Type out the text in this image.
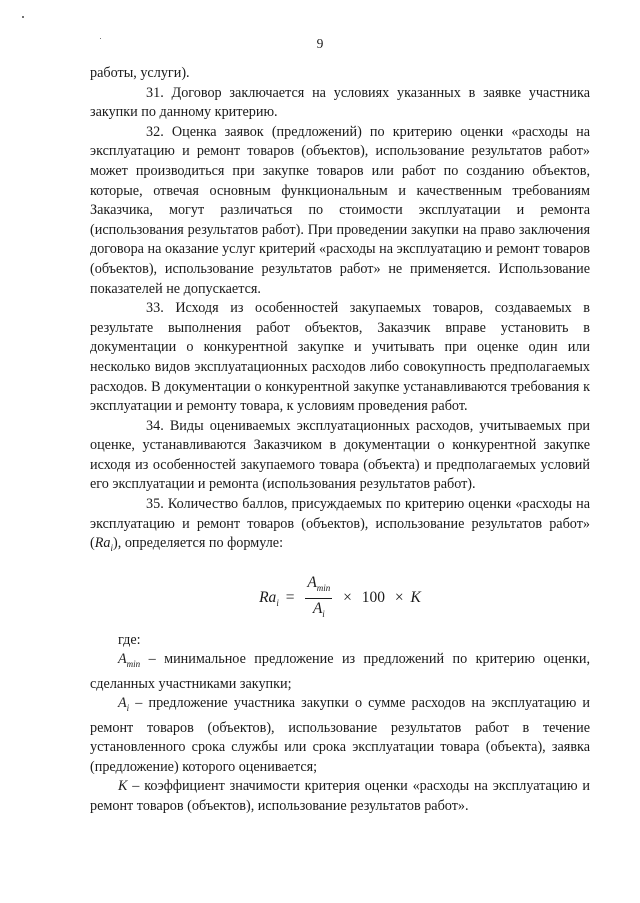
9

работы, услуги).

31. Договор заключается на условиях указанных в заявке участника закупки по данному критерию.

32. Оценка заявок (предложений) по критерию оценки «расходы на эксплуатацию и ремонт товаров (объектов), использование результатов работ» может производиться при закупке товаров или работ по созданию объектов, которые, отвечая основным функциональным и качественным требованиям Заказчика, могут различаться по стоимости эксплуатации и ремонта (использования результатов работ). При проведении закупки на право заключения договора на оказание услуг критерий «расходы на эксплуатацию и ремонт товаров (объектов), использование результатов работ» не применяется. Использование показателей не допускается.

33. Исходя из особенностей закупаемых товаров, создаваемых в результате выполнения работ объектов, Заказчик вправе установить в документации о конкурентной закупке и учитывать при оценке один или несколько видов эксплуатационных расходов либо совокупность предполагаемых расходов. В документации о конкурентной закупке устанавливаются требования к эксплуатации и ремонту товара, к условиям проведения работ.

34. Виды оцениваемых эксплуатационных расходов, учитываемых при оценке, устанавливаются Заказчиком в документации о конкурентной закупке исходя из особенностей закупаемого товара (объекта) и предполагаемых условий его эксплуатации и ремонта (использования результатов работ).

35. Количество баллов, присуждаемых по критерию оценки «расходы на эксплуатацию и ремонт товаров (объектов), использование результатов работ» $(Ra_i)$, определяется по формуле:

$Ra_i = \frac{A_{min}}{A_i} \times 100 \times K$

где:

$A_{min}$ – минимальное предложение из предложений по критерию оценки, сделанных участниками закупки;

$A_i$ – предложение участника закупки о сумме расходов на эксплуатацию и ремонт товаров (объектов), использование результатов работ в течение установленного срока службы или срока эксплуатации товара (объекта), заявка (предложение) которого оценивается;

K – коэффициент значимости критерия оценки «расходы на эксплуатацию и ремонт товаров (объектов), использование результатов работ».
